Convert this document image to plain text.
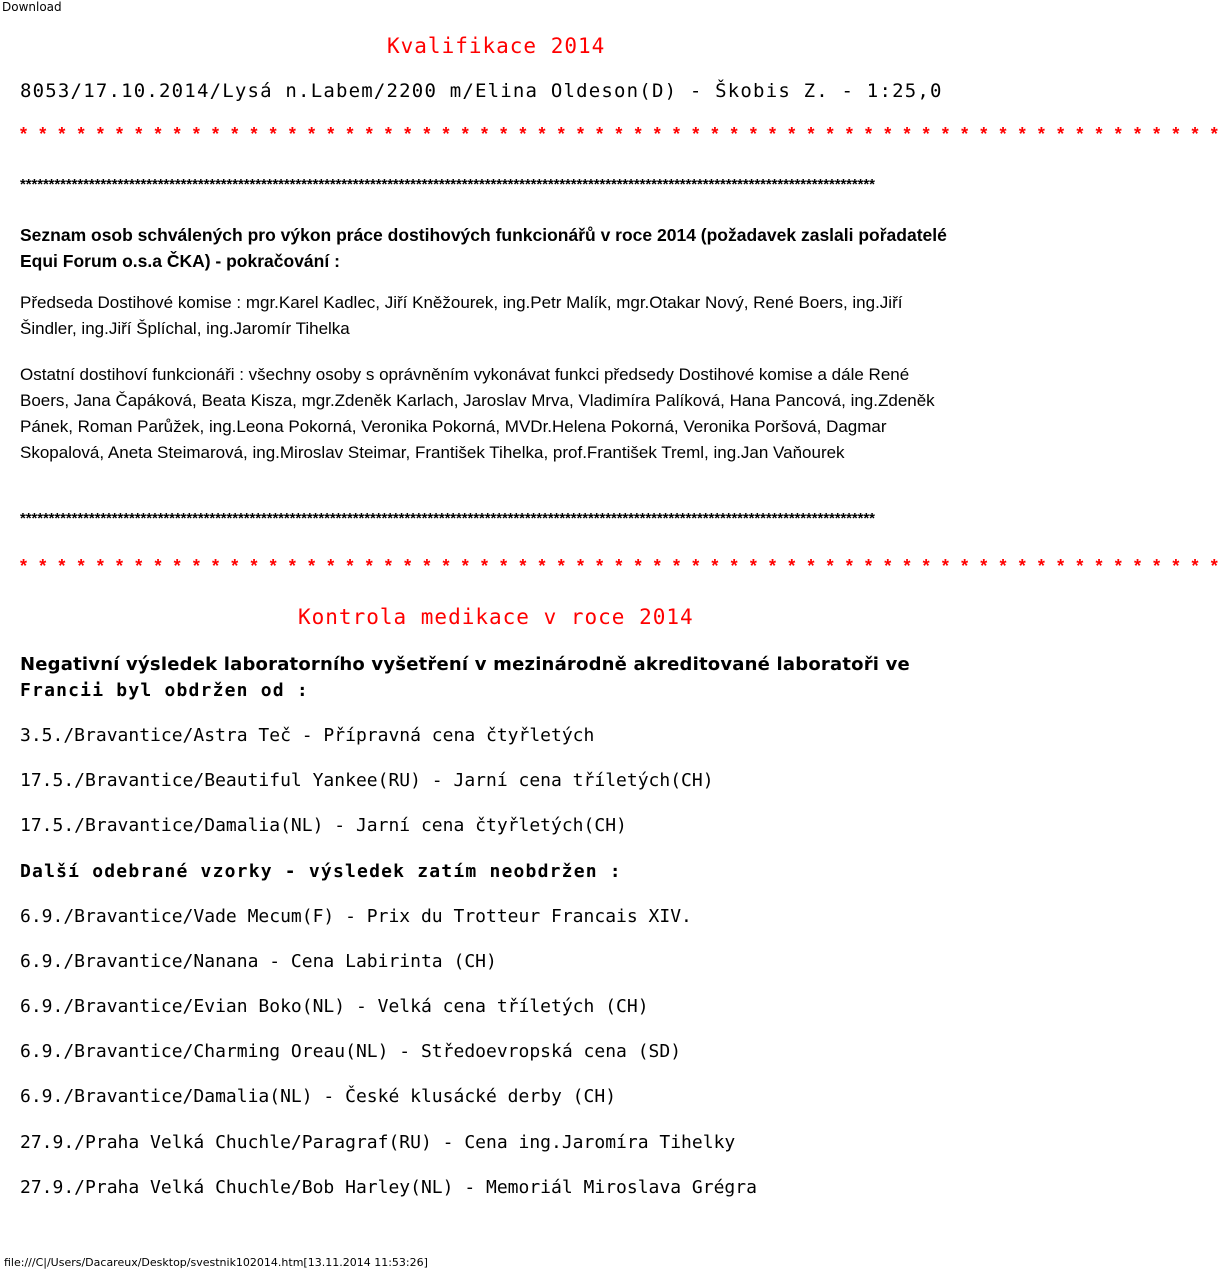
Download
Kvalifikace 2014
8053/17.10.2014/Lysá n.Labem/2200 m/Elina Oldeson(D) - Škobis Z. - 1:25,0
* * * * * * * * * * * * * * * * * * * * * * * * * * * * * * * * * * * * * * * * * * * * * * * * * * * * * * * * * * * * * * *
*****************************************************************************************************************************************************
Seznam osob schválených pro výkon práce dostihových funkcionářů v roce 2014 (požadavek zaslali pořadatelé Equi Forum o.s.a ČKA) - pokračování :
Předseda Dostihové komise : mgr.Karel Kadlec, Jiří Kněžourek, ing.Petr Malík, mgr.Otakar Nový, René Boers, ing.Jiří Šindler, ing.Jiří Šplíchal, ing.Jaromír Tihelka
Ostatní dostihoví funkcionáři : všechny osoby s oprávněním vykonávat funkci předsedy Dostihové komise a dále René Boers, Jana Čapáková, Beata Kisza, mgr.Zdeněk Karlach, Jaroslav Mrva, Vladimíra Palíková, Hana Pancová, ing.Zdeněk Pánek, Roman Parůžek, ing.Leona Pokorná, Veronika Pokorná, MVDr.Helena Pokorná, Veronika Poršová, Dagmar Skopalová, Aneta Steimarová, ing.Miroslav Steimar, František Tihelka, prof.František Treml, ing.Jan Vaňourek
*****************************************************************************************************************************************************
* * * * * * * * * * * * * * * * * * * * * * * * * * * * * * * * * * * * * * * * * * * * * * * * * * * * * * * * * * * * * * *
Kontrola medikace v roce 2014
Negativní výsledek laboratorního vyšetření v mezinárodně akreditované laboratoři ve
Francii byl obdržen od :
3.5./Bravantice/Astra Teč - Přípravná cena čtyřletých
17.5./Bravantice/Beautiful Yankee(RU) - Jarní cena tříletých(CH)
17.5./Bravantice/Damalia(NL) - Jarní cena čtyřletých(CH)
Další odebrané vzorky - výsledek zatím neobdržen :
6.9./Bravantice/Vade Mecum(F) - Prix du Trotteur Francais XIV.
6.9./Bravantice/Nanana - Cena Labirinta (CH)
6.9./Bravantice/Evian Boko(NL) - Velká cena tříletých (CH)
6.9./Bravantice/Charming Oreau(NL) - Středoevropská cena (SD)
6.9./Bravantice/Damalia(NL) - České klusácké derby (CH)
27.9./Praha Velká Chuchle/Paragraf(RU) - Cena ing.Jaromíra Tihelky
27.9./Praha Velká Chuchle/Bob Harley(NL) - Memoriál Miroslava Grégra
file:///C|/Users/Dacareux/Desktop/svestnik102014.htm[13.11.2014 11:53:26]
